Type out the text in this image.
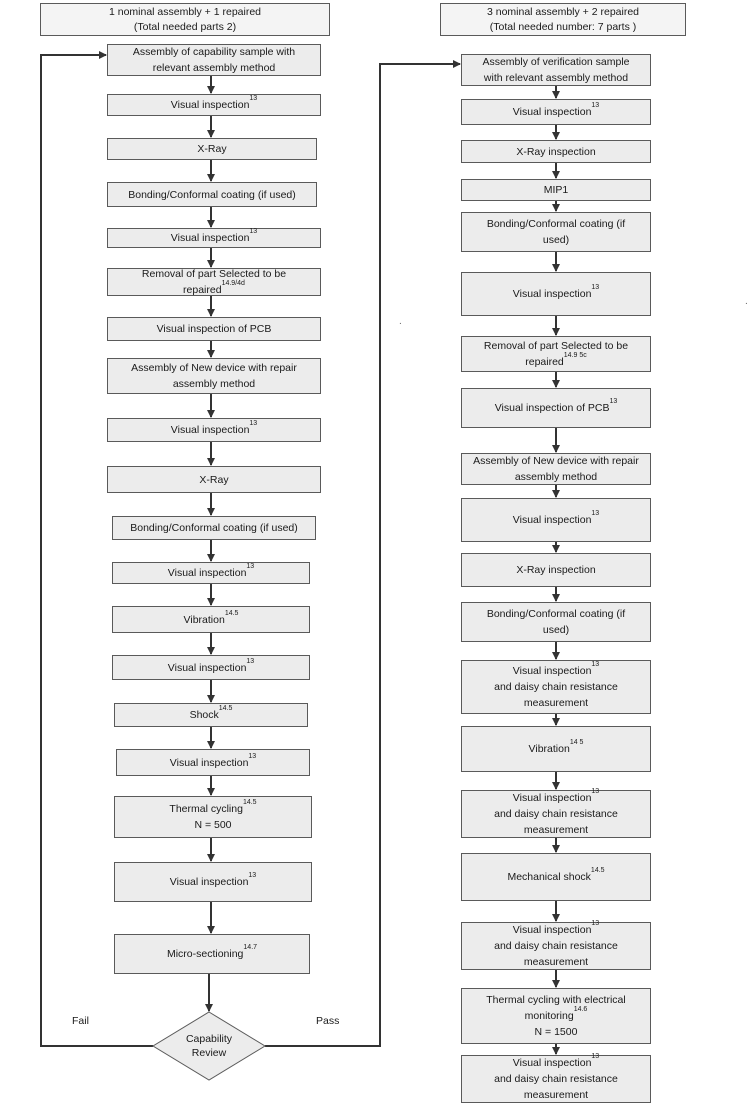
1 nominal assembly + 1 repaired
(Total needed parts 2)
3 nominal assembly + 2 repaired
(Total needed number: 7 parts )
Assembly of capability sample with
relevant assembly method
Visual inspection$^{13}$
X-Ray
Bonding/Conformal coating (if used)
Visual inspection$^{13}$
Removal of part Selected to be
repaired$^{14.9/4d}$
Visual inspection of PCB
Assembly of New device with repair
assembly method
Visual inspection$^{13}$
X-Ray
Bonding/Conformal coating (if used)
Visual inspection$^{13}$
Vibration$^{14.5}$
Visual inspection$^{13}$
Shock$^{14.5}$
Visual inspection$^{13}$
Thermal cycling$^{14.5}$
N = 500
Visual inspection$^{13}$
Micro-sectioning$^{14.7}$
Assembly of verification sample
with relevant assembly method
Visual inspection$^{13}$
X-Ray inspection
MIP1
Bonding/Conformal coating (if
used)
Visual inspection$^{13}$
Removal of part Selected to be
repaired$^{14.9 5c}$
Visual inspection of PCB$^{13}$
Assembly of New device with repair
assembly method
Visual inspection$^{13}$
X-Ray inspection
Bonding/Conformal coating (if
used)
Visual inspection$^{13}$
and daisy chain resistance
measurement
Vibration$^{14 5}$
Visual inspection$^{13}$
and daisy chain resistance
measurement
Mechanical shock$^{14.5}$
Visual inspection$^{13}$
and daisy chain resistance
measurement
Thermal cycling with electrical
monitoring$^{14.6}$
N = 1500
Visual inspection$^{13}$
and daisy chain resistance
measurement
Capability
Review
Fail	Pass
.
.
